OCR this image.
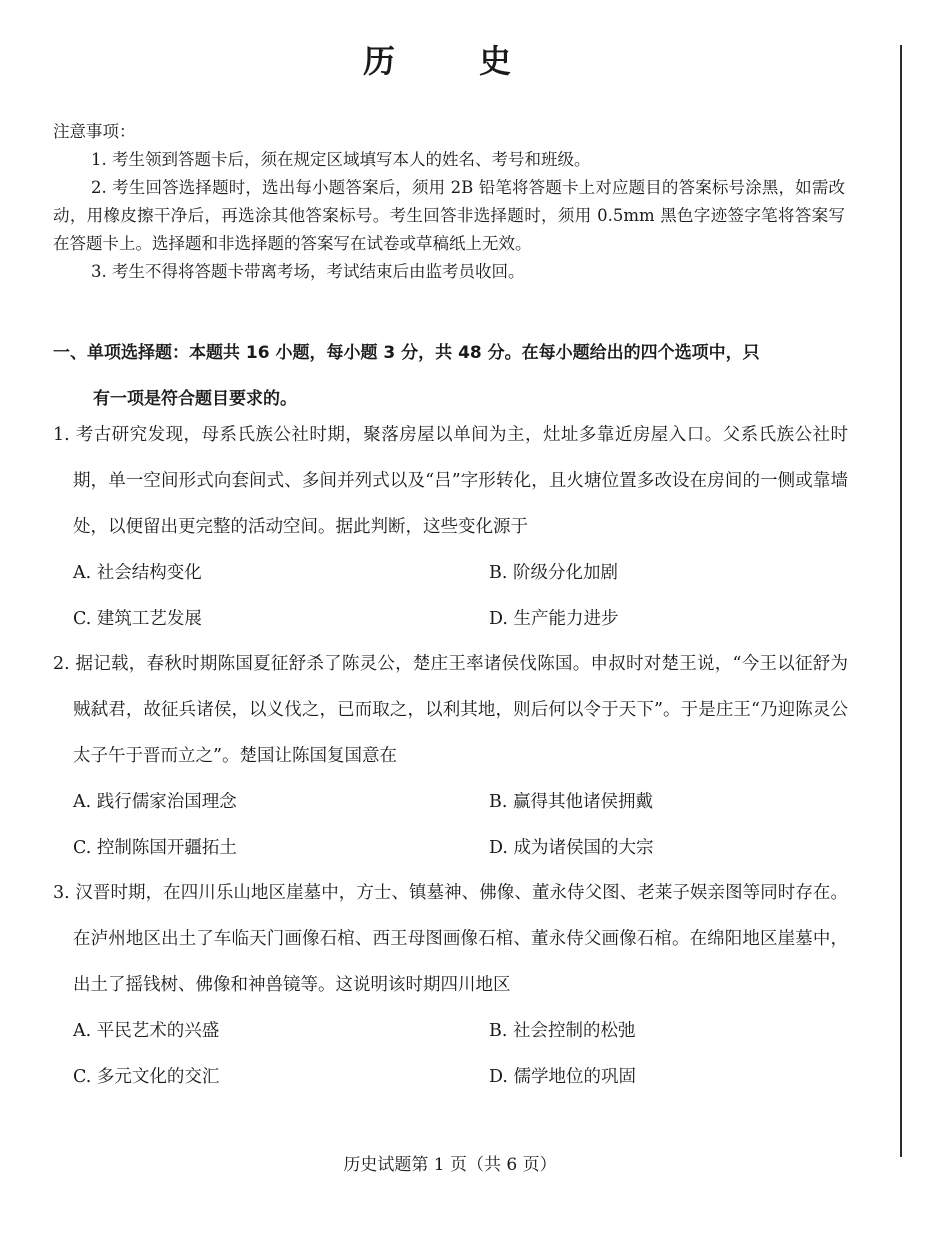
历　史

注意事项：

1. 考生领到答题卡后，须在规定区域填写本人的姓名、考号和班级。

2. 考生回答选择题时，选出每小题答案后，须用 2B 铅笔将答题卡上对应题目的答案标号涂黑，如需改动，用橡皮擦干净后，再选涂其他答案标号。考生回答非选择题时，须用 0.5mm 黑色字迹签字笔将答案写在答题卡上。选择题和非选择题的答案写在试卷或草稿纸上无效。

3. 考生不得将答题卡带离考场，考试结束后由监考员收回。

一、单项选择题：本题共 16 小题，每小题 3 分，共 48 分。在每小题给出的四个选项中，只
有一项是符合题目要求的。

1. 考古研究发现，母系氏族公社时期，聚落房屋以单间为主，灶址多靠近房屋入口。父系氏族公社时期，单一空间形式向套间式、多间并列式以及“吕”字形转化，且火塘位置多改设在房间的一侧或靠墙处，以便留出更完整的活动空间。据此判断，这些变化源于

A. 社会结构变化	B. 阶级分化加剧
C. 建筑工艺发展	D. 生产能力进步

2. 据记载，春秋时期陈国夏征舒杀了陈灵公，楚庄王率诸侯伐陈国。申叔时对楚王说，“今王以征舒为贼弑君，故征兵诸侯，以义伐之，已而取之，以利其地，则后何以令于天下”。于是庄王“乃迎陈灵公太子午于晋而立之”。楚国让陈国复国意在

A. 践行儒家治国理念	B. 赢得其他诸侯拥戴
C. 控制陈国开疆拓土	D. 成为诸侯国的大宗

3. 汉晋时期，在四川乐山地区崖墓中，方士、镇墓神、佛像、董永侍父图、老莱子娱亲图等同时存在。在泸州地区出土了车临天门画像石棺、西王母图画像石棺、董永侍父画像石棺。在绵阳地区崖墓中，出土了摇钱树、佛像和神兽镜等。这说明该时期四川地区

A. 平民艺术的兴盛	B. 社会控制的松弛
C. 多元文化的交汇	D. 儒学地位的巩固
历史试题第 1 页（共 6 页）
